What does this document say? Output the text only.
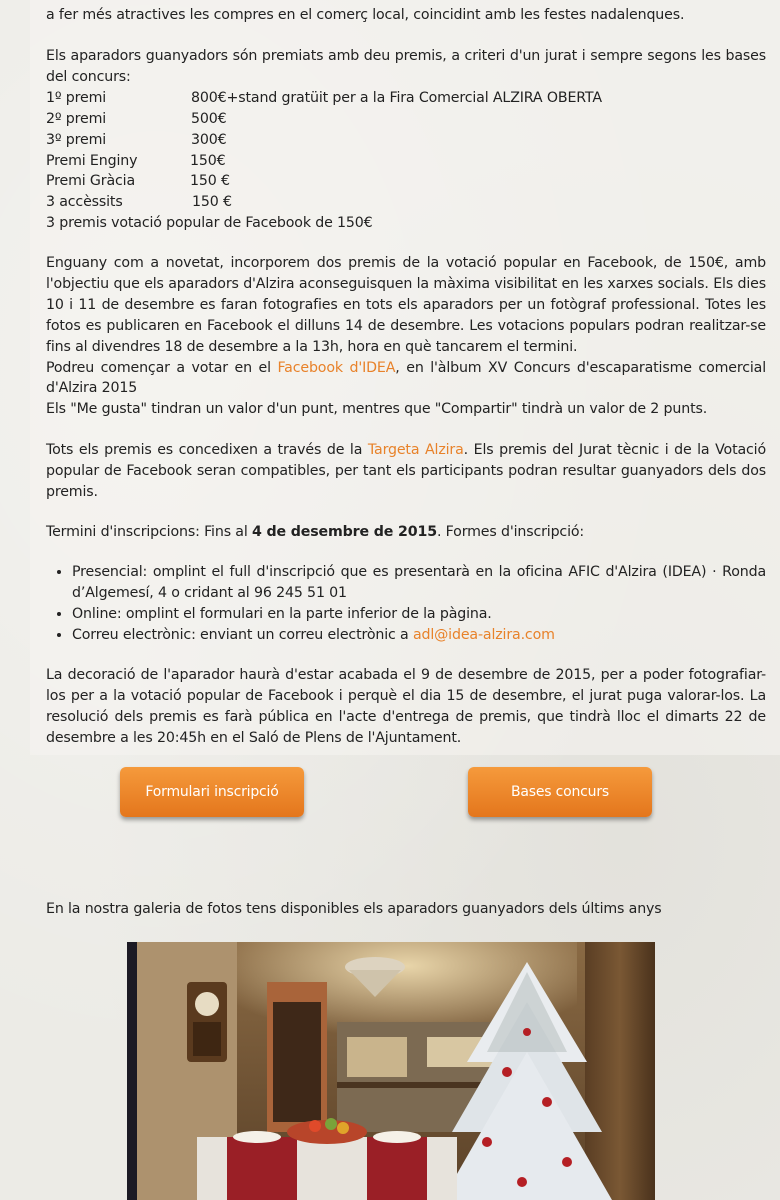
a fer més atractives les compres en el comerç local, coincidint amb les festes nadalenques.

Els aparadors guanyadors són premiats amb deu premis, a criteri d'un jurat i sempre segons les bases del concurs:

1º premi	800€+stand gratüit per a la Fira Comercial ALZIRA OBERTA
2º premi	500€
3º premi	300€
Premi Enginy	150€
Premi Gràcia	150 €
3 accèssits	150 €

3 premis votació popular de Facebook de 150€

Enguany com a novetat, incorporem dos premis de la votació popular en Facebook, de 150€, amb l'objectiu que els aparadors d'Alzira aconseguisquen la màxima visibilitat en les xarxes socials. Els dies 10 i 11 de desembre es faran fotografies en tots els aparadors per un fotògraf professional. Totes les fotos es publicaren en Facebook el dilluns 14 de desembre. Les votacions populars podran realitzar-se fins al divendres 18 de desembre a la 13h, hora en què tancarem el termini.

Podreu començar a votar en el Facebook d'IDEA, en l'àlbum XV Concurs d'escaparatisme comercial d'Alzira 2015

Els "Me gusta" tindran un valor d'un punt, mentres que "Compartir" tindrà un valor de 2 punts.

Tots els premis es concedixen a través de la Targeta Alzira. Els premis del Jurat tècnic i de la Votació popular de Facebook seran compatibles, per tant els participants podran resultar guanyadors dels dos premis.

Termini d'inscripcions: Fins al 4 de desembre de 2015. Formes d'inscripció:

• Presencial: omplint el full d'inscripció que es presentarà en la oficina AFIC d'Alzira (IDEA) · Ronda d’Algemesí, 4 o cridant al 96 245 51 01
• Online: omplint el formulari en la parte inferior de la pàgina.
• Correu electrònic: enviant un correu electrònic a adl@idea-alzira.com

La decoració de l'aparador haurà d'estar acabada el 9 de desembre de 2015, per a poder fotografiar-los per a la votació popular de Facebook i perquè el dia 15 de desembre, el jurat puga valorar-los. La resolució dels premis es farà pública en l'acte d'entrega de premis, que tindrà lloc el dimarts 22 de desembre a les 20:45h en el Saló de Plens de l'Ajuntament.

Formulari inscripció	Bases concurs
En la nostra galeria de fotos tens disponibles els aparadors guanyadors dels últims anys
